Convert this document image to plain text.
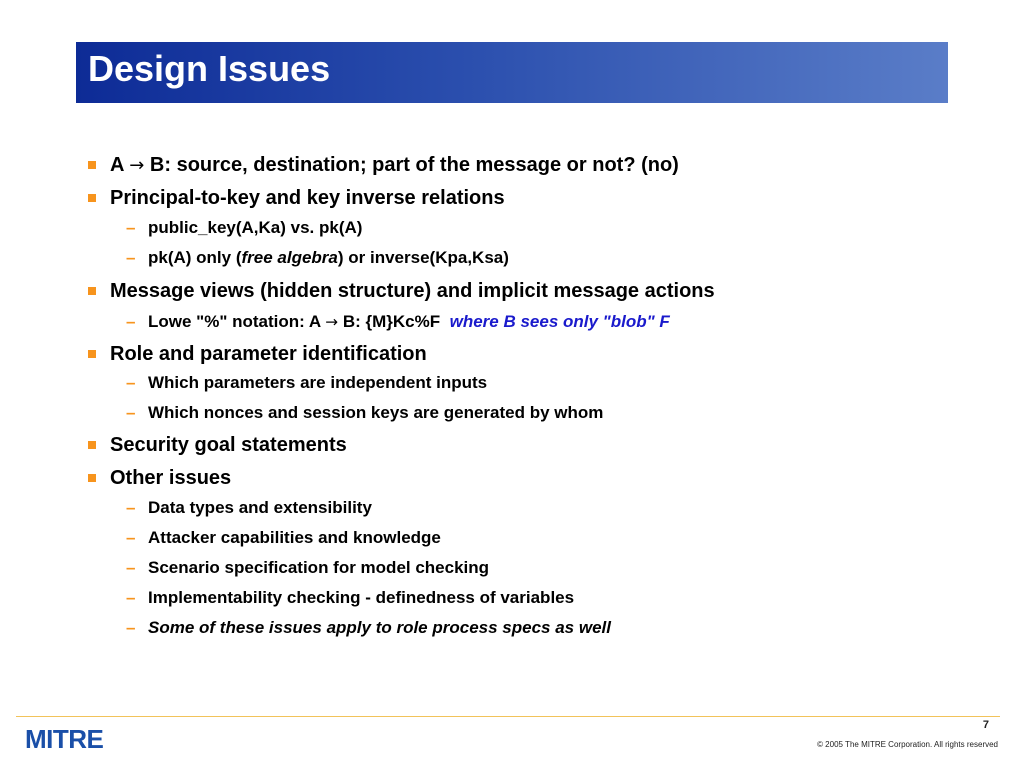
Design Issues
A → B: source, destination; part of the message or not? (no)
Principal-to-key and key inverse relations
– public_key(A,Ka) vs. pk(A)
– pk(A) only (free algebra) or inverse(Kpa,Ksa)
Message views (hidden structure) and implicit message actions
– Lowe "%" notation: A → B: {M}Kc%F  where B sees only "blob" F
Role and parameter identification
– Which parameters are independent inputs
– Which nonces and session keys are generated by whom
Security goal statements
Other issues
– Data types and extensibility
– Attacker capabilities and knowledge
– Scenario specification for model checking
– Implementability checking - definedness of variables
– Some of these issues apply to role process specs as well
MITRE	7
© 2005 The MITRE Corporation. All rights reserved
